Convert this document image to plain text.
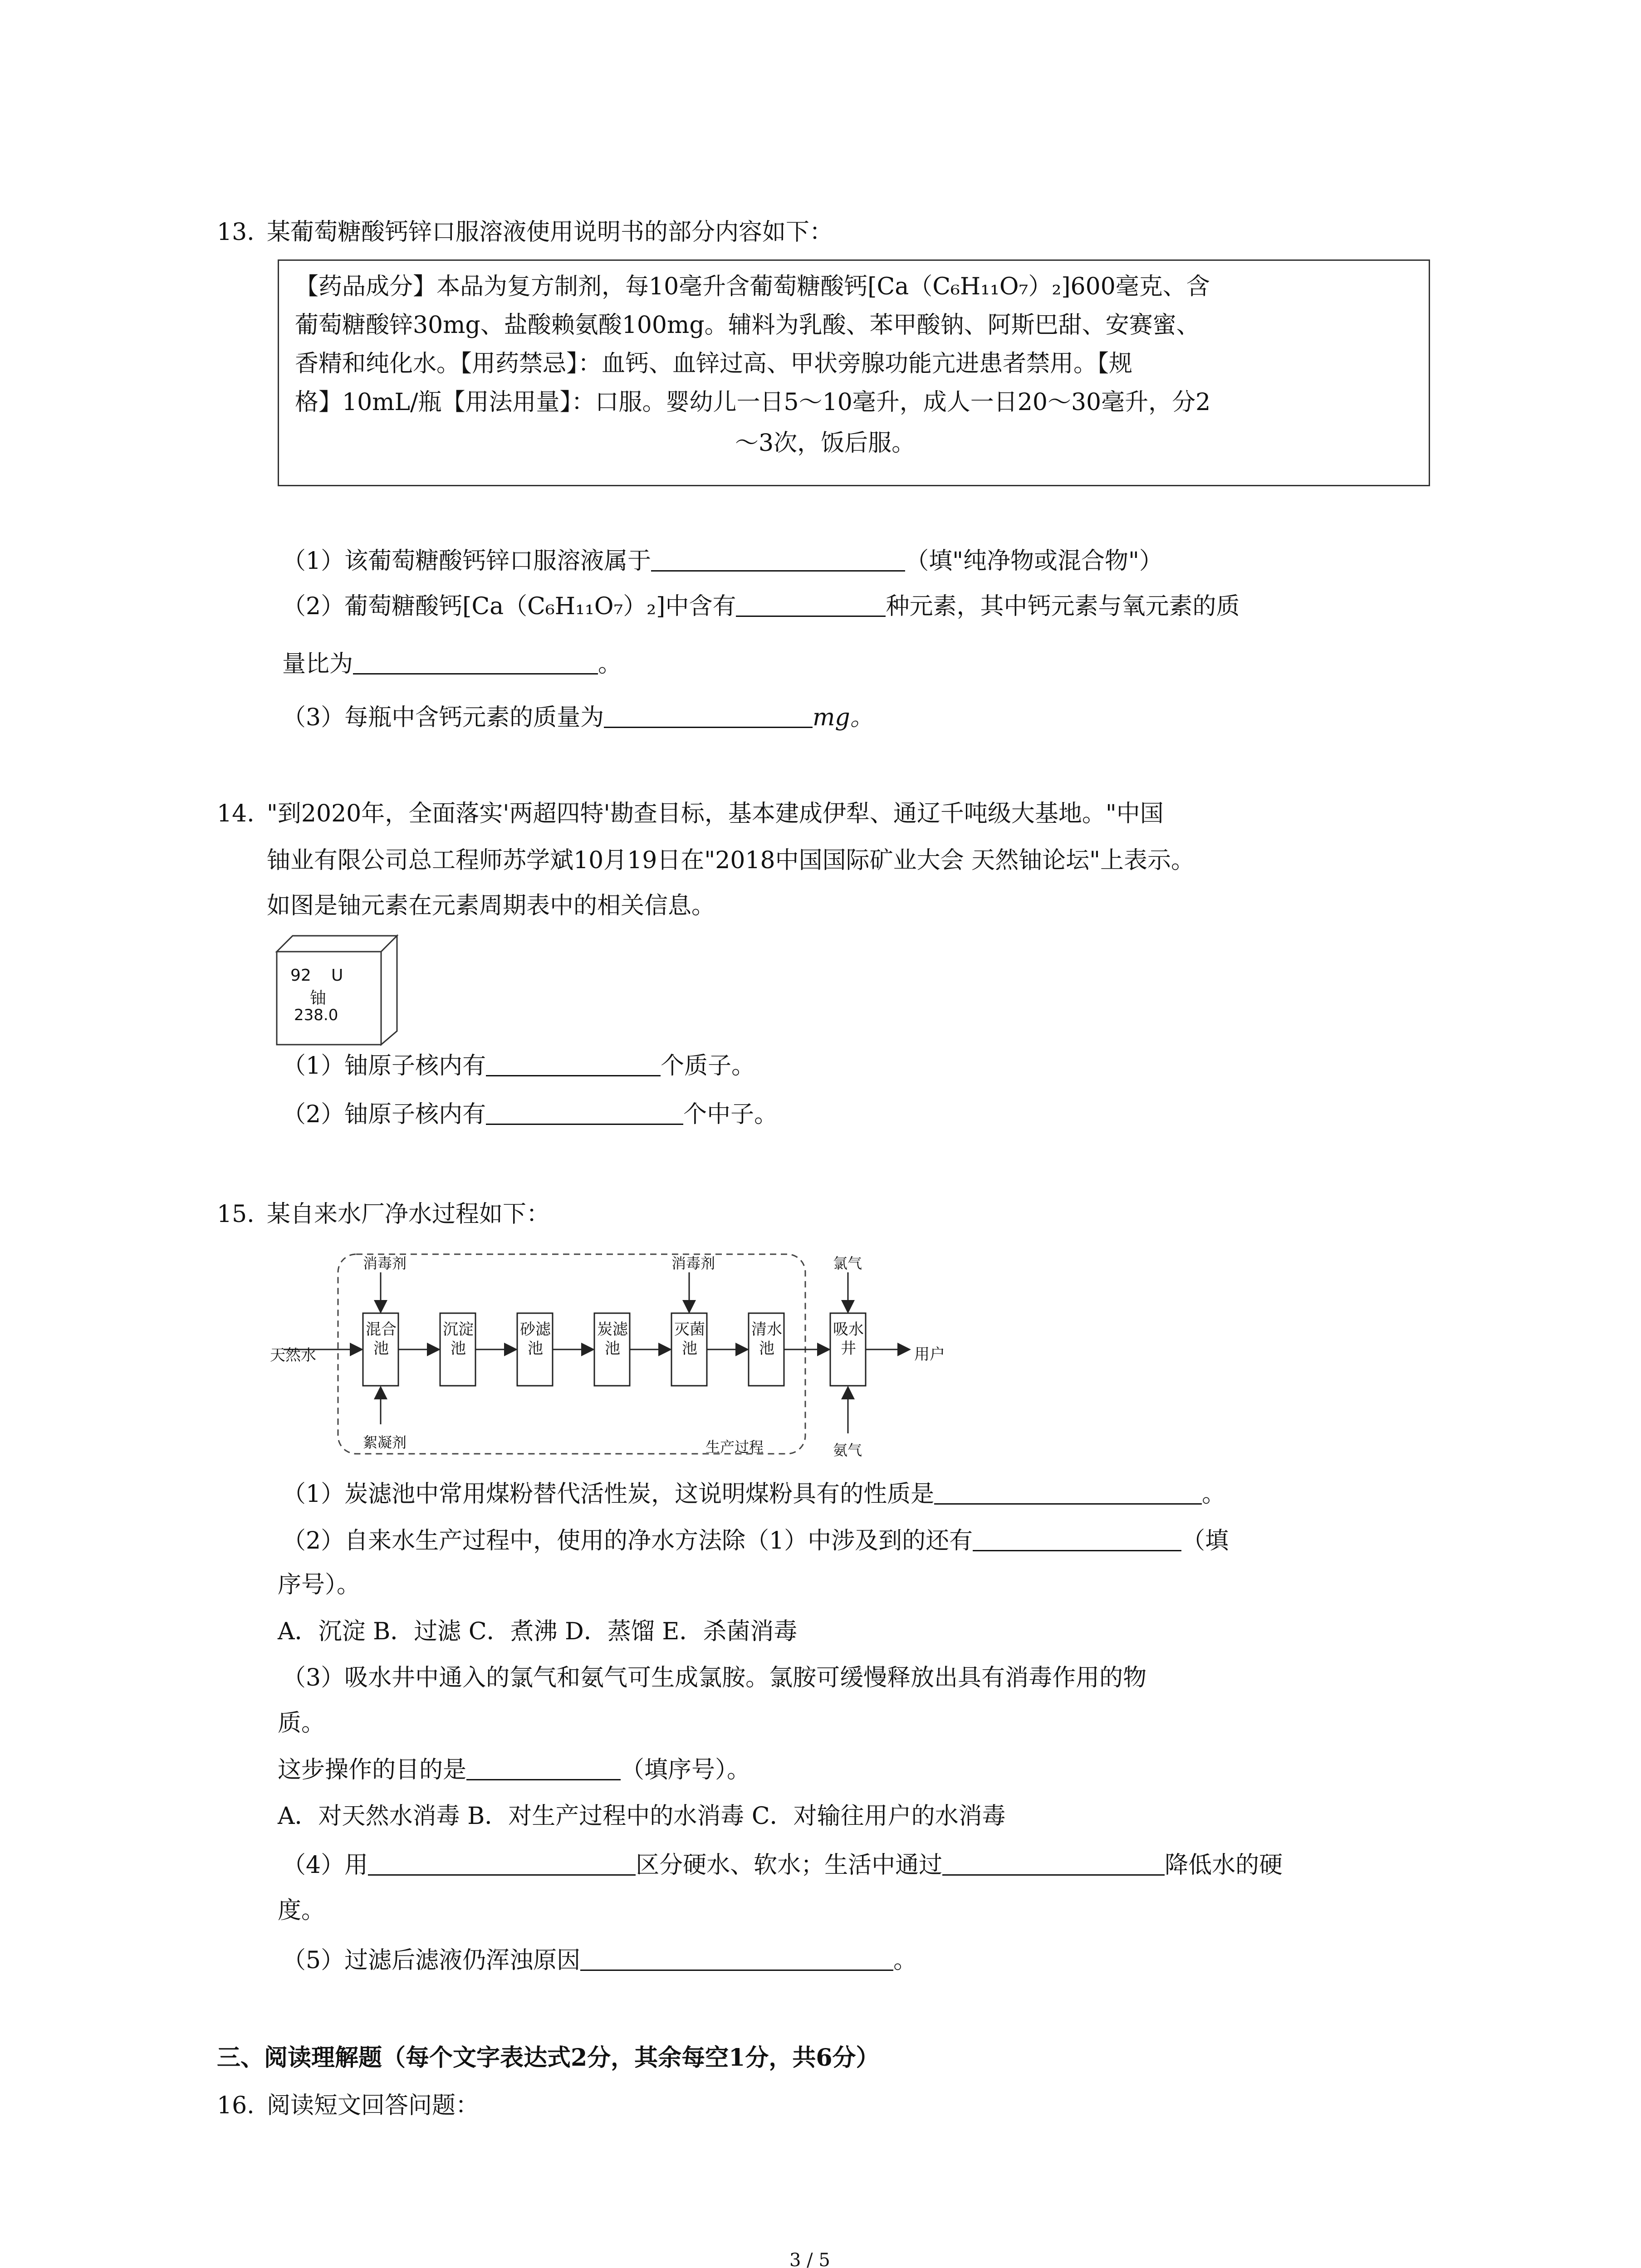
13. 某葡萄糖酸钙锌口服溶液使用说明书的部分内容如下：
【药品成分】本品为复方制剂，每10毫升含葡萄糖酸钙[Ca（C₆H₁₁O₇）₂]600毫克、含
葡萄糖酸锌30mg、盐酸赖氨酸100mg。辅料为乳酸、苯甲酸钠、阿斯巴甜、安赛蜜、
香精和纯化水。【用药禁忌】：血钙、血锌过高、甲状旁腺功能亢进患者禁用。【规
格】10mL/瓶【用法用量】：口服。婴幼儿一日5～10毫升，成人一日20～30毫升，分2
～3次，饭后服。
（1）该葡萄糖酸钙锌口服溶液属于	（填"纯净物或混合物"）
（2）葡萄糖酸钙[Ca（C₆H₁₁O₇）₂]中含有	种元素，其中钙元素与氧元素的质
量比为	。
（3）每瓶中含钙元素的质量为	mg。
14. "到2020年，全面落实'两超四特'勘查目标，基本建成伊犁、通辽千吨级大基地。"中国
铀业有限公司总工程师苏学斌10月19日在"2018中国国际矿业大会 天然铀论坛"上表示。
如图是铀元素在元素周期表中的相关信息。
92 U
铀
238.0
（1）铀原子核内有	个质子。
（2）铀原子核内有	个中子。
15. 某自来水厂净水过程如下：
天然水
消毒剂
絮凝剂
消毒剂	氯气
氨气
生产过程
用户
混合池
沉淀池
砂滤池
炭滤池
灭菌池
清水池
吸水井
（1）炭滤池中常用煤粉替代活性炭，这说明煤粉具有的性质是	。
（2）自来水生产过程中，使用的净水方法除（1）中涉及到的还有	（填
序号）。
A．沉淀 B．过滤 C．煮沸 D．蒸馏 E．杀菌消毒
（3）吸水井中通入的氯气和氨气可生成氯胺。氯胺可缓慢释放出具有消毒作用的物
质。
这步操作的目的是	（填序号）。
A．对天然水消毒 B．对生产过程中的水消毒 C．对输往用户的水消毒
（4）用	区分硬水、软水；生活中通过	降低水的硬
度。
（5）过滤后滤液仍浑浊原因	。
三、阅读理解题（每个文字表达式2分，其余每空1分，共6分）
16. 阅读短文回答问题：
3 / 5
